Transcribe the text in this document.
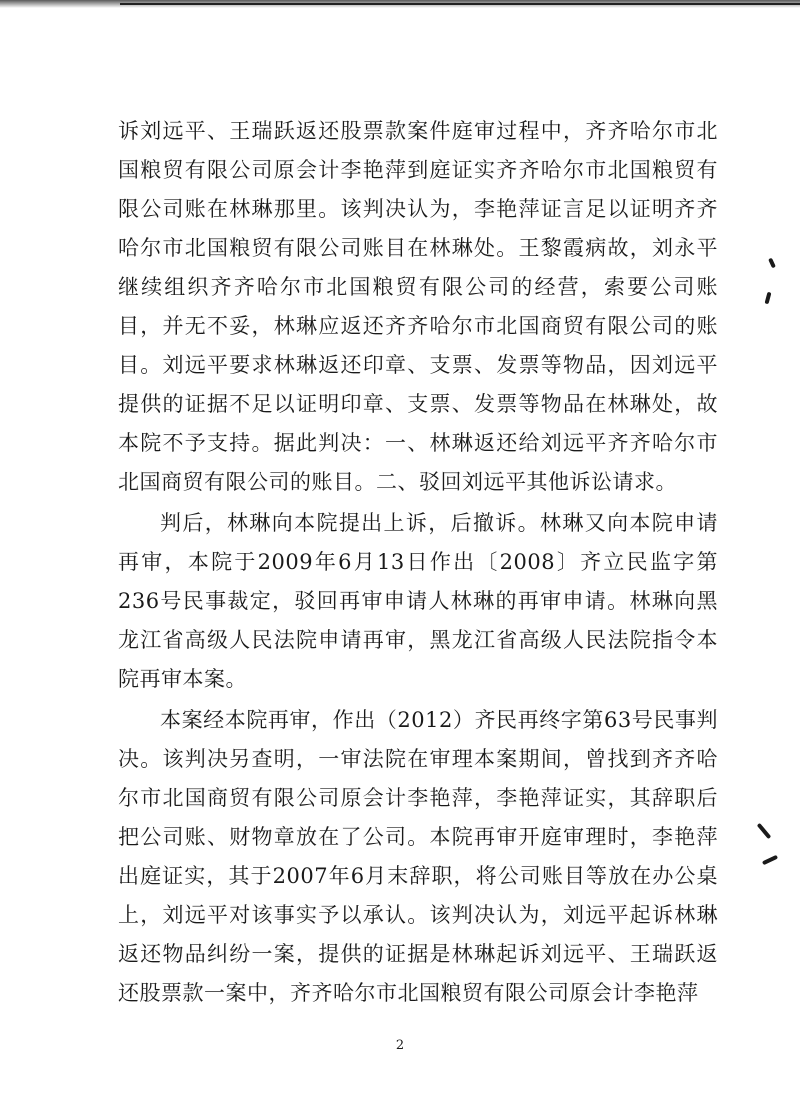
诉刘远平、王瑞跃返还股票款案件庭审过程中，齐齐哈尔市北国粮贸有限公司原会计李艳萍到庭证实齐齐哈尔市北国粮贸有限公司账在林琳那里。该判决认为，李艳萍证言足以证明齐齐哈尔市北国粮贸有限公司账目在林琳处。王黎霞病故，刘永平继续组织齐齐哈尔市北国粮贸有限公司的经营，索要公司账目，并无不妥，林琳应返还齐齐哈尔市北国商贸有限公司的账目。刘远平要求林琳返还印章、支票、发票等物品，因刘远平提供的证据不足以证明印章、支票、发票等物品在林琳处，故本院不予支持。据此判决：一、林琳返还给刘远平齐齐哈尔市北国商贸有限公司的账目。二、驳回刘远平其他诉讼请求。

判后，林琳向本院提出上诉，后撤诉。林琳又向本院申请再审，本院于2009年6月13日作出〔2008〕齐立民监字第236号民事裁定，驳回再审申请人林琳的再审申请。林琳向黑龙江省高级人民法院申请再审，黑龙江省高级人民法院指令本院再审本案。

本案经本院再审，作出（2012）齐民再终字第63号民事判决。该判决另查明，一审法院在审理本案期间，曾找到齐齐哈尔市北国商贸有限公司原会计李艳萍，李艳萍证实，其辞职后把公司账、财物章放在了公司。本院再审开庭审理时，李艳萍出庭证实，其于2007年6月末辞职，将公司账目等放在办公桌上，刘远平对该事实予以承认。该判决认为，刘远平起诉林琳返还物品纠纷一案，提供的证据是林琳起诉刘远平、王瑞跃返还股票款一案中，齐齐哈尔市北国粮贸有限公司原会计李艳萍

2
